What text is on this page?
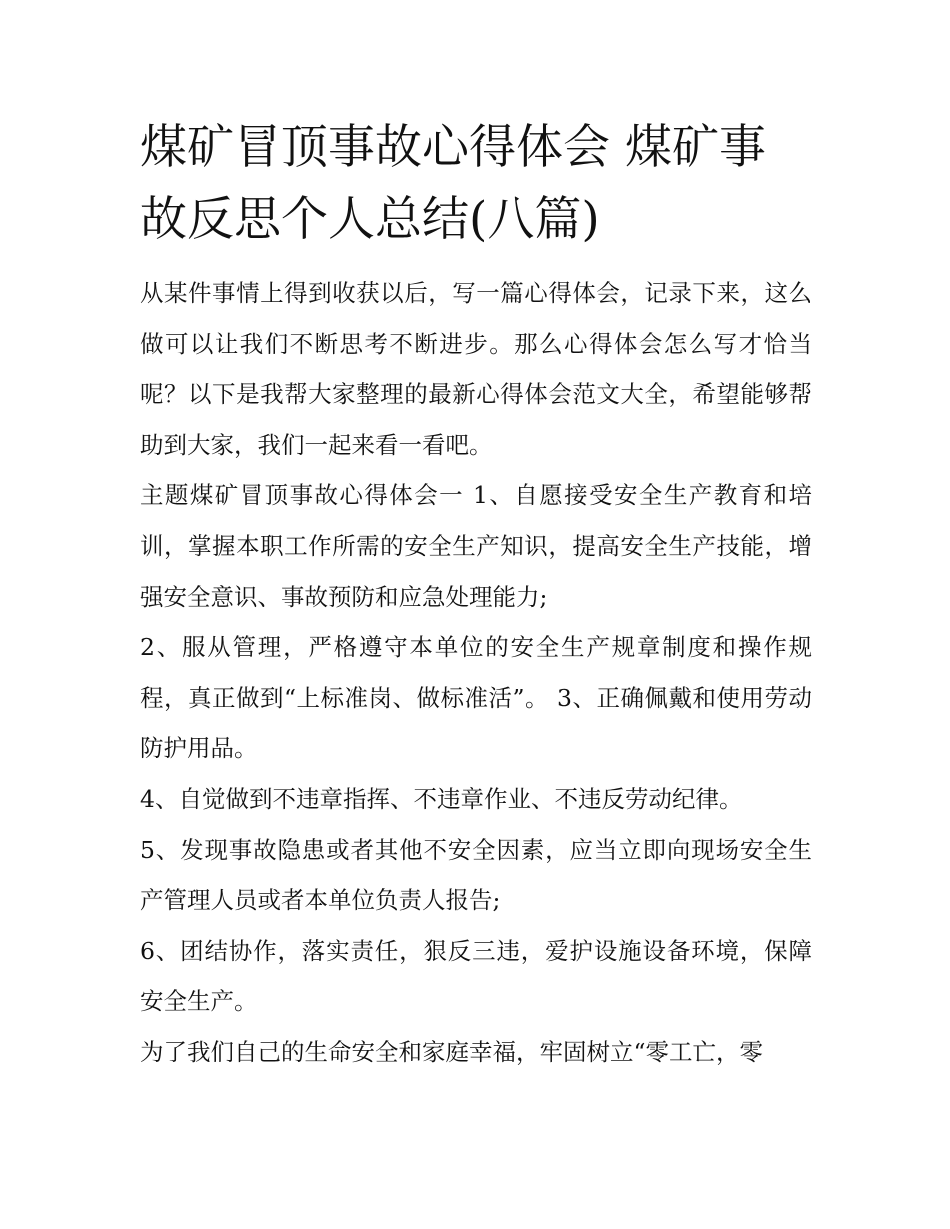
煤矿冒顶事故心得体会 煤矿事故反思个人总结(八篇)

从某件事情上得到收获以后，写一篇心得体会，记录下来，这么做可以让我们不断思考不断进步。那么心得体会怎么写才恰当呢？以下是我帮大家整理的最新心得体会范文大全，希望能够帮助到大家，我们一起来看一看吧。

主题煤矿冒顶事故心得体会一 1、自愿接受安全生产教育和培训，掌握本职工作所需的安全生产知识，提高安全生产技能，增强安全意识、事故预防和应急处理能力;

2、服从管理，严格遵守本单位的安全生产规章制度和操作规程，真正做到“上标准岗、做标准活”。 3、正确佩戴和使用劳动防护用品。

4、自觉做到不违章指挥、不违章作业、不违反劳动纪律。

5、发现事故隐患或者其他不安全因素，应当立即向现场安全生产管理人员或者本单位负责人报告;

6、团结协作，落实责任，狠反三违，爱护设施设备环境，保障安全生产。

为了我们自己的生命安全和家庭幸福，牢固树立“零工亡，零
